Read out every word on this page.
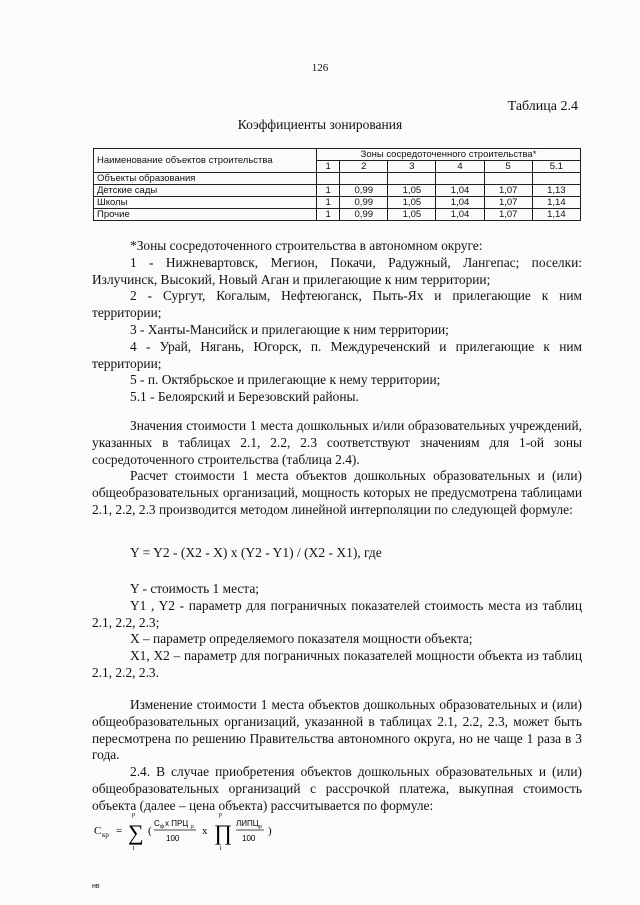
126
Таблица 2.4
Коэффициенты зонирования
Наименование объектов строительства	Зоны сосредоточенного строительства*					
	1	2	3	4	5	5.1
Объекты образования						
Детские сады	1	0,99	1,05	1,04	1,07	1,13
Школы	1	0,99	1,05	1,04	1,07	1,14
Прочие	1	0,99	1,05	1,04	1,07	1,14

*Зоны сосредоточенного строительства в автономном округе:

1 - Нижневартовск, Мегион, Покачи, Радужный, Лангепас; поселки: Излучинск, Высокий, Новый Аган и прилегающие к ним территории;

2 - Сургут, Когалым, Нефтеюганск, Пыть-Ях и прилегающие к ним территории;

3 - Ханты-Мансийск и прилегающие к ним территории;

4 - Урай, Нягань, Югорск, п. Междуреченский и прилегающие к ним территории;

5 - п. Октябрьское и прилегающие к нему территории;

5.1 - Белоярский и Березовский районы.

Значения стоимости 1 места дошкольных и/или образовательных учреждений, указанных в таблицах 2.1, 2.2, 2.3 соответствуют значениям для 1-ой зоны сосредоточенного строительства (таблица 2.4).

Расчет стоимости 1 места объектов дошкольных образовательных и (или) общеобразовательных организаций, мощность которых не предусмотрена таблицами 2.1, 2.2, 2.3 производится методом линейной интерполяции по следующей формуле:

Y = Y2 - (X2 - X) x (Y2 - Y1) / (X2 - X1), где

Y - стоимость 1 места;

Y1 , Y2 - параметр для пограничных показателей стоимость места из таблиц 2.1, 2.2, 2.3;

X – параметр определяемого показателя мощности объекта;

X1, X2 – параметр для пограничных показателей мощности объекта из таблиц 2.1, 2.2, 2.3.

Изменение стоимости 1 места объектов дошкольных образовательных и (или) общеобразовательных организаций, указанной в таблицах 2.1, 2.2, 2.3, может быть пересмотрена по решению Правительства автономного округа, но не чаще 1 раза в 3 года.

2.4. В случае приобретения объектов дошкольных образовательных и (или) общеобразовательных организаций с рассрочкой платежа, выкупная стоимость объекта (далее – цена объекта) рассчитывается по формуле:

С кр = ∑
р
1
(
С ф x ПРЦ р
100
x ∏
р
1
ЛИПЦ р
100
)
нв
